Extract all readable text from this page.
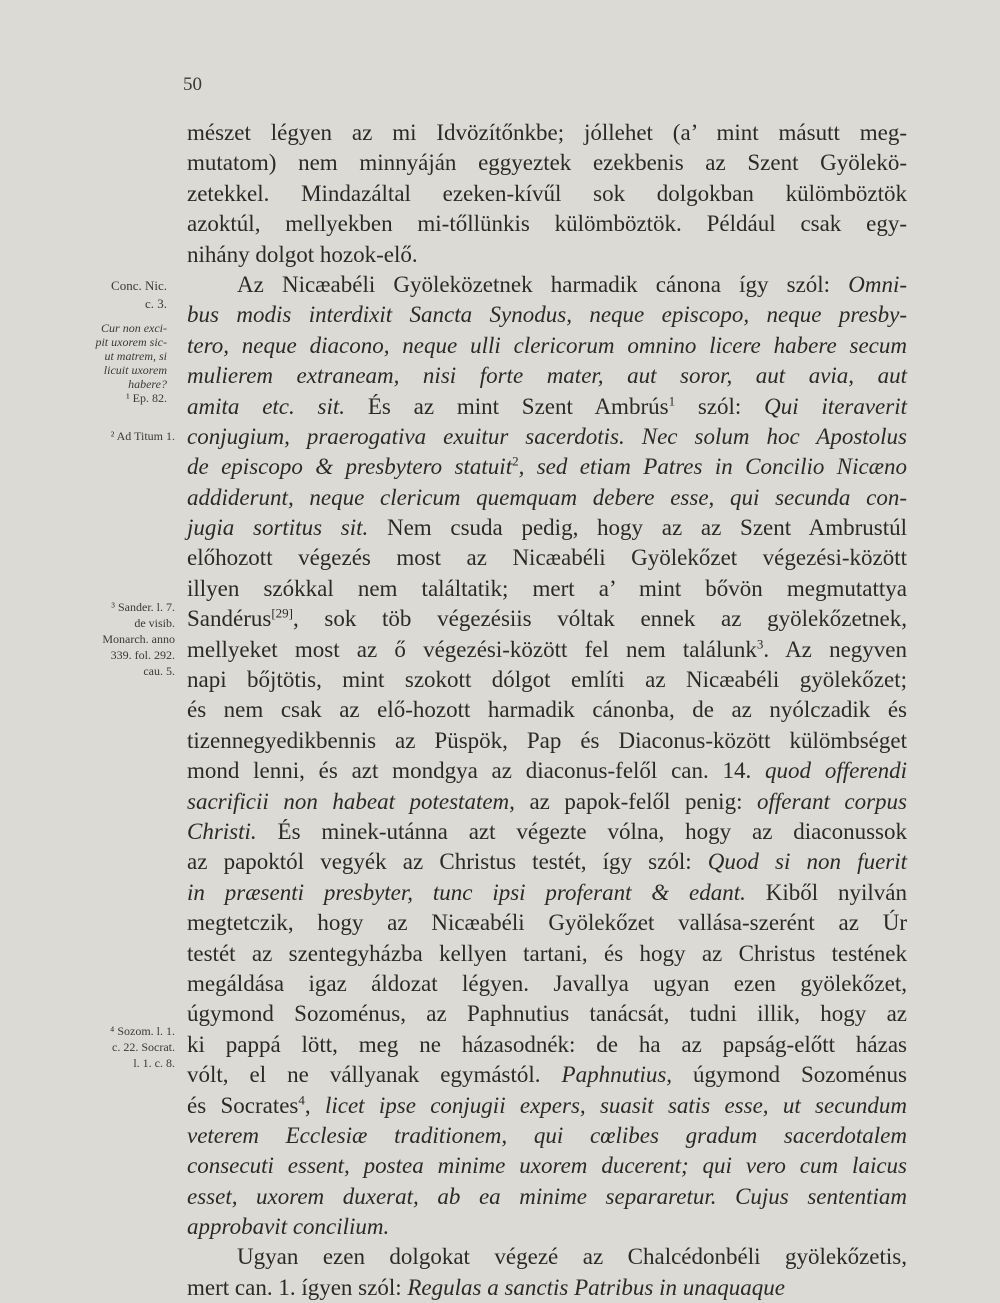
50
mészet légyen az mi Idvözítőnkbe; jóllehet (a’ mint másutt meg-
mutatom) nem minnyáján eggyeztek ezekbenis az Szent Gyölekö-
zetekkel. Mindazáltal ezeken-kívűl sok dolgokban külömböztök
azoktúl, mellyekben mi-tőllünkis külömböztök. Például csak egy-
nihány dolgot hozok-elő.
Az Nicæabéli Gyöleközetnek harmadik cánona így szól: Omni-
bus modis interdixit Sancta Synodus, neque episcopo, neque presby-
tero, neque diacono, neque ulli clericorum omnino licere habere secum
mulierem extraneam, nisi forte mater, aut soror, aut avia, aut
amita etc. sit. És az mint Szent Ambrús$^1$ szól: Qui iteraverit
conjugium, praerogativa exuitur sacerdotis. Nec solum hoc Apostolus
de episcopo & presbytero statuit$^2$, sed etiam Patres in Concilio Nicæno
addiderunt, neque clericum quemquam debere esse, qui secunda con-
jugia sortitus sit. Nem csuda pedig, hogy az az Szent Ambrustúl
előhozott végezés most az Nicæabéli Gyölekőzet végezési-között
illyen szókkal nem találtatik; mert a’ mint bővön megmutattya
Sandérus[29], sok töb végezésiis vóltak ennek az gyölekőzetnek,
mellyeket most az ő végezési-között fel nem találunk$^3$. Az negyven
napi bőjtötis, mint szokott dólgot említi az Nicæabéli gyölekőzet;
és nem csak az elő-hozott harmadik cánonba, de az nyólczadik és
tizennegyedikbennis az Püspök, Pap és Diaconus-között külömbséget
mond lenni, és azt mondgya az diaconus-felől can. 14. quod offerendi
sacrificii non habeat potestatem, az papok-felől penig: offerant corpus
Christi. És minek-utánna azt végezte vólna, hogy az diaconussok
az papoktól vegyék az Christus testét, így szól: Quod si non fuerit
in præsenti presbyter, tunc ipsi proferant & edant. Kiből nyilván
megtetczik, hogy az Nicæabéli Gyölekőzet vallása-szerént az Úr
testét az szentegyházba kellyen tartani, és hogy az Christus testének
megáldása igaz áldozat légyen. Javallya ugyan ezen gyölekőzet,
úgymond Sozoménus, az Paphnutius tanácsát, tudni illik, hogy az
ki pappá lött, meg ne házasodnék: de ha az papság-előtt házas
vólt, el ne vállyanak egymástól. Paphnutius, úgymond Sozoménus
és Socrates$^4$, licet ipse conjugii expers, suasit satis esse, ut secundum
veterem Ecclesiæ traditionem, qui cœlibes gradum sacerdotalem
consecuti essent, postea minime uxorem ducerent; qui vero cum laicus
esset, uxorem duxerat, ab ea minime separaretur. Cujus sententiam
approbavit concilium.
Ugyan ezen dolgokat végezé az Chalcédonbéli gyölekőzetis,
mert can. 1. ígyen szól: Regulas a sanctis Patribus in unaquaque
Conc. Nic.
c. 3.
Cur non exci-
pit uxorem sic-
ut matrem, si
licuit uxorem
habere?
¹ Ep. 82.
² Ad Titum 1.
³ Sander. l. 7.
de visib.
Monarch. anno
339. fol. 292.
cau. 5.
⁴ Sozom. l. 1.
c. 22. Socrat.
l. 1. c. 8.
